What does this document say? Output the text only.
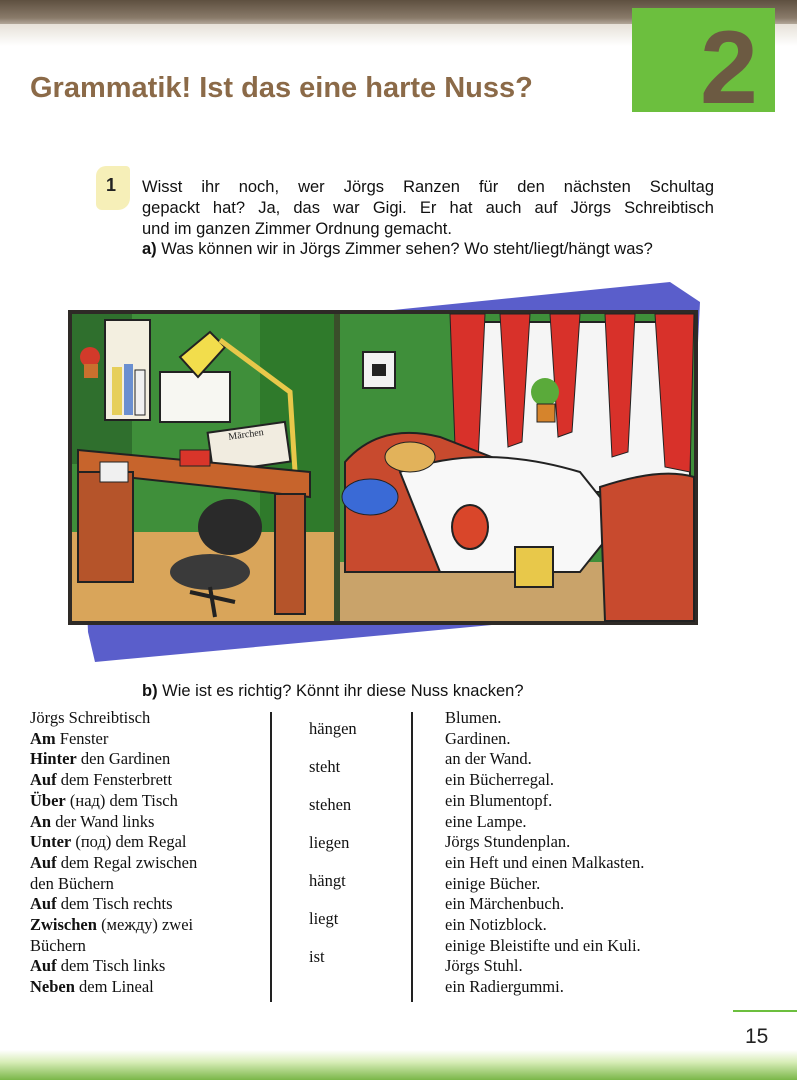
2
Grammatik! Ist das eine harte Nuss?
1 Wisst ihr noch, wer Jörgs Ranzen für den nächsten Schultag
gepackt hat? Ja, das war Gigi. Er hat auch auf Jörgs Schreibtisch
und im ganzen Zimmer Ordnung gemacht.
a) Was können wir in Jörgs Zimmer sehen? Wo steht/liegt/hängt was?
Märchen
b) Wie ist es richtig? Könnt ihr diese Nuss knacken?
Jörgs Schreibtisch
Am Fenster
Hinter den Gardinen
Auf dem Fensterbrett
Über (над) dem Tisch
An der Wand links
Unter (под) dem Regal
Auf dem Regal zwischen
den Büchern
Auf dem Tisch rechts
Zwischen (между) zwei
Büchern
Auf dem Tisch links
Neben dem Lineal
hängen
steht
stehen
liegen
hängt
liegt
ist
Blumen.
Gardinen.
an der Wand.
ein Bücherregal.
ein Blumentopf.
eine Lampe.
Jörgs Stundenplan.
ein Heft und einen Malkasten.
einige Bücher.
ein Märchenbuch.
ein Notizblock.
einige Bleistifte und ein Kuli.
Jörgs Stuhl.
ein Radiergummi.
15
